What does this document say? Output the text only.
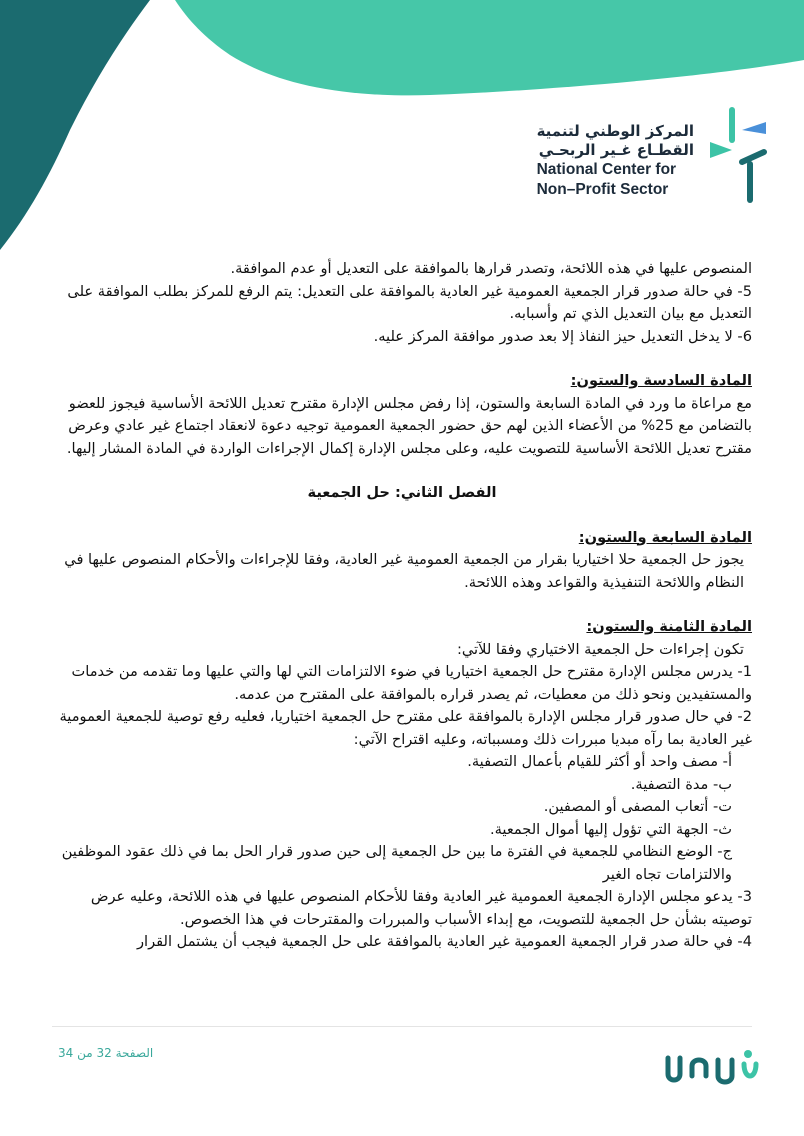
المركز الوطني لتنمية
القطـاع غـير الربحـي
National Center for
Non–Profit Sector

المنصوص عليها في هذه اللائحة، وتصدر قرارها بالموافقة على التعديل أو عدم الموافقة.

5- في حالة صدور قرار الجمعية العمومية غير العادية بالموافقة على التعديل: يتم الرفع للمركز بطلب الموافقة على التعديل مع بيان التعديل الذي تم وأسبابه.

6- لا يدخل التعديل حيز النفاذ إلا بعد صدور موافقة المركز عليه.

المادة السادسة والستون:

مع مراعاة ما ورد في المادة السابعة والستون، إذا رفض مجلس الإدارة مقترح تعديل اللائحة الأساسية فيجوز للعضو بالتضامن مع 25% من الأعضاء الذين لهم حق حضور الجمعية العمومية توجيه دعوة لانعقاد اجتماع غير عادي وعرض مقترح تعديل اللائحة الأساسية للتصويت عليه، وعلى مجلس الإدارة إكمال الإجراءات الواردة في المادة المشار إليها.

الفصل الثاني: حل الجمعية

المادة السابعة والستون:

يجوز حل الجمعية حلا اختياريا بقرار من الجمعية العمومية غير العادية، وفقا للإجراءات والأحكام المنصوص عليها في النظام واللائحة التنفيذية والقواعد وهذه اللائحة.

المادة الثامنة والستون:

تكون إجراءات حل الجمعية الاختياري وفقا للآتي:

1- يدرس مجلس الإدارة مقترح حل الجمعية اختياريا في ضوء الالتزامات التي لها والتي عليها وما تقدمه من خدمات والمستفيدين ونحو ذلك من معطيات، ثم يصدر قراره بالموافقة على المقترح من عدمه.

2- في حال صدور قرار مجلس الإدارة بالموافقة على مقترح حل الجمعية اختياريا، فعليه رفع توصية للجمعية العمومية غير العادية بما رآه مبديا مبررات ذلك ومسبباته، وعليه اقتراح الآتي:

أ- مصف واحد أو أكثر للقيام بأعمال التصفية.

ب- مدة التصفية.

ت- أتعاب المصفى أو المصفين.

ث- الجهة التي تؤول إليها أموال الجمعية.

ج- الوضع النظامي للجمعية في الفترة ما بين حل الجمعية إلى حين صدور قرار الحل بما في ذلك عقود الموظفين والالتزامات تجاه الغير

3- يدعو مجلس الإدارة الجمعية العمومية غير العادية وفقا للأحكام المنصوص عليها في هذه اللائحة، وعليه عرض توصيته بشأن حل الجمعية للتصويت، مع إبداء الأسباب والمبررات والمقترحات في هذا الخصوص.

4- في حالة صدر قرار الجمعية العمومية غير العادية بالموافقة على حل الجمعية فيجب أن يشتمل القرار

الصفحة 32 من 34
